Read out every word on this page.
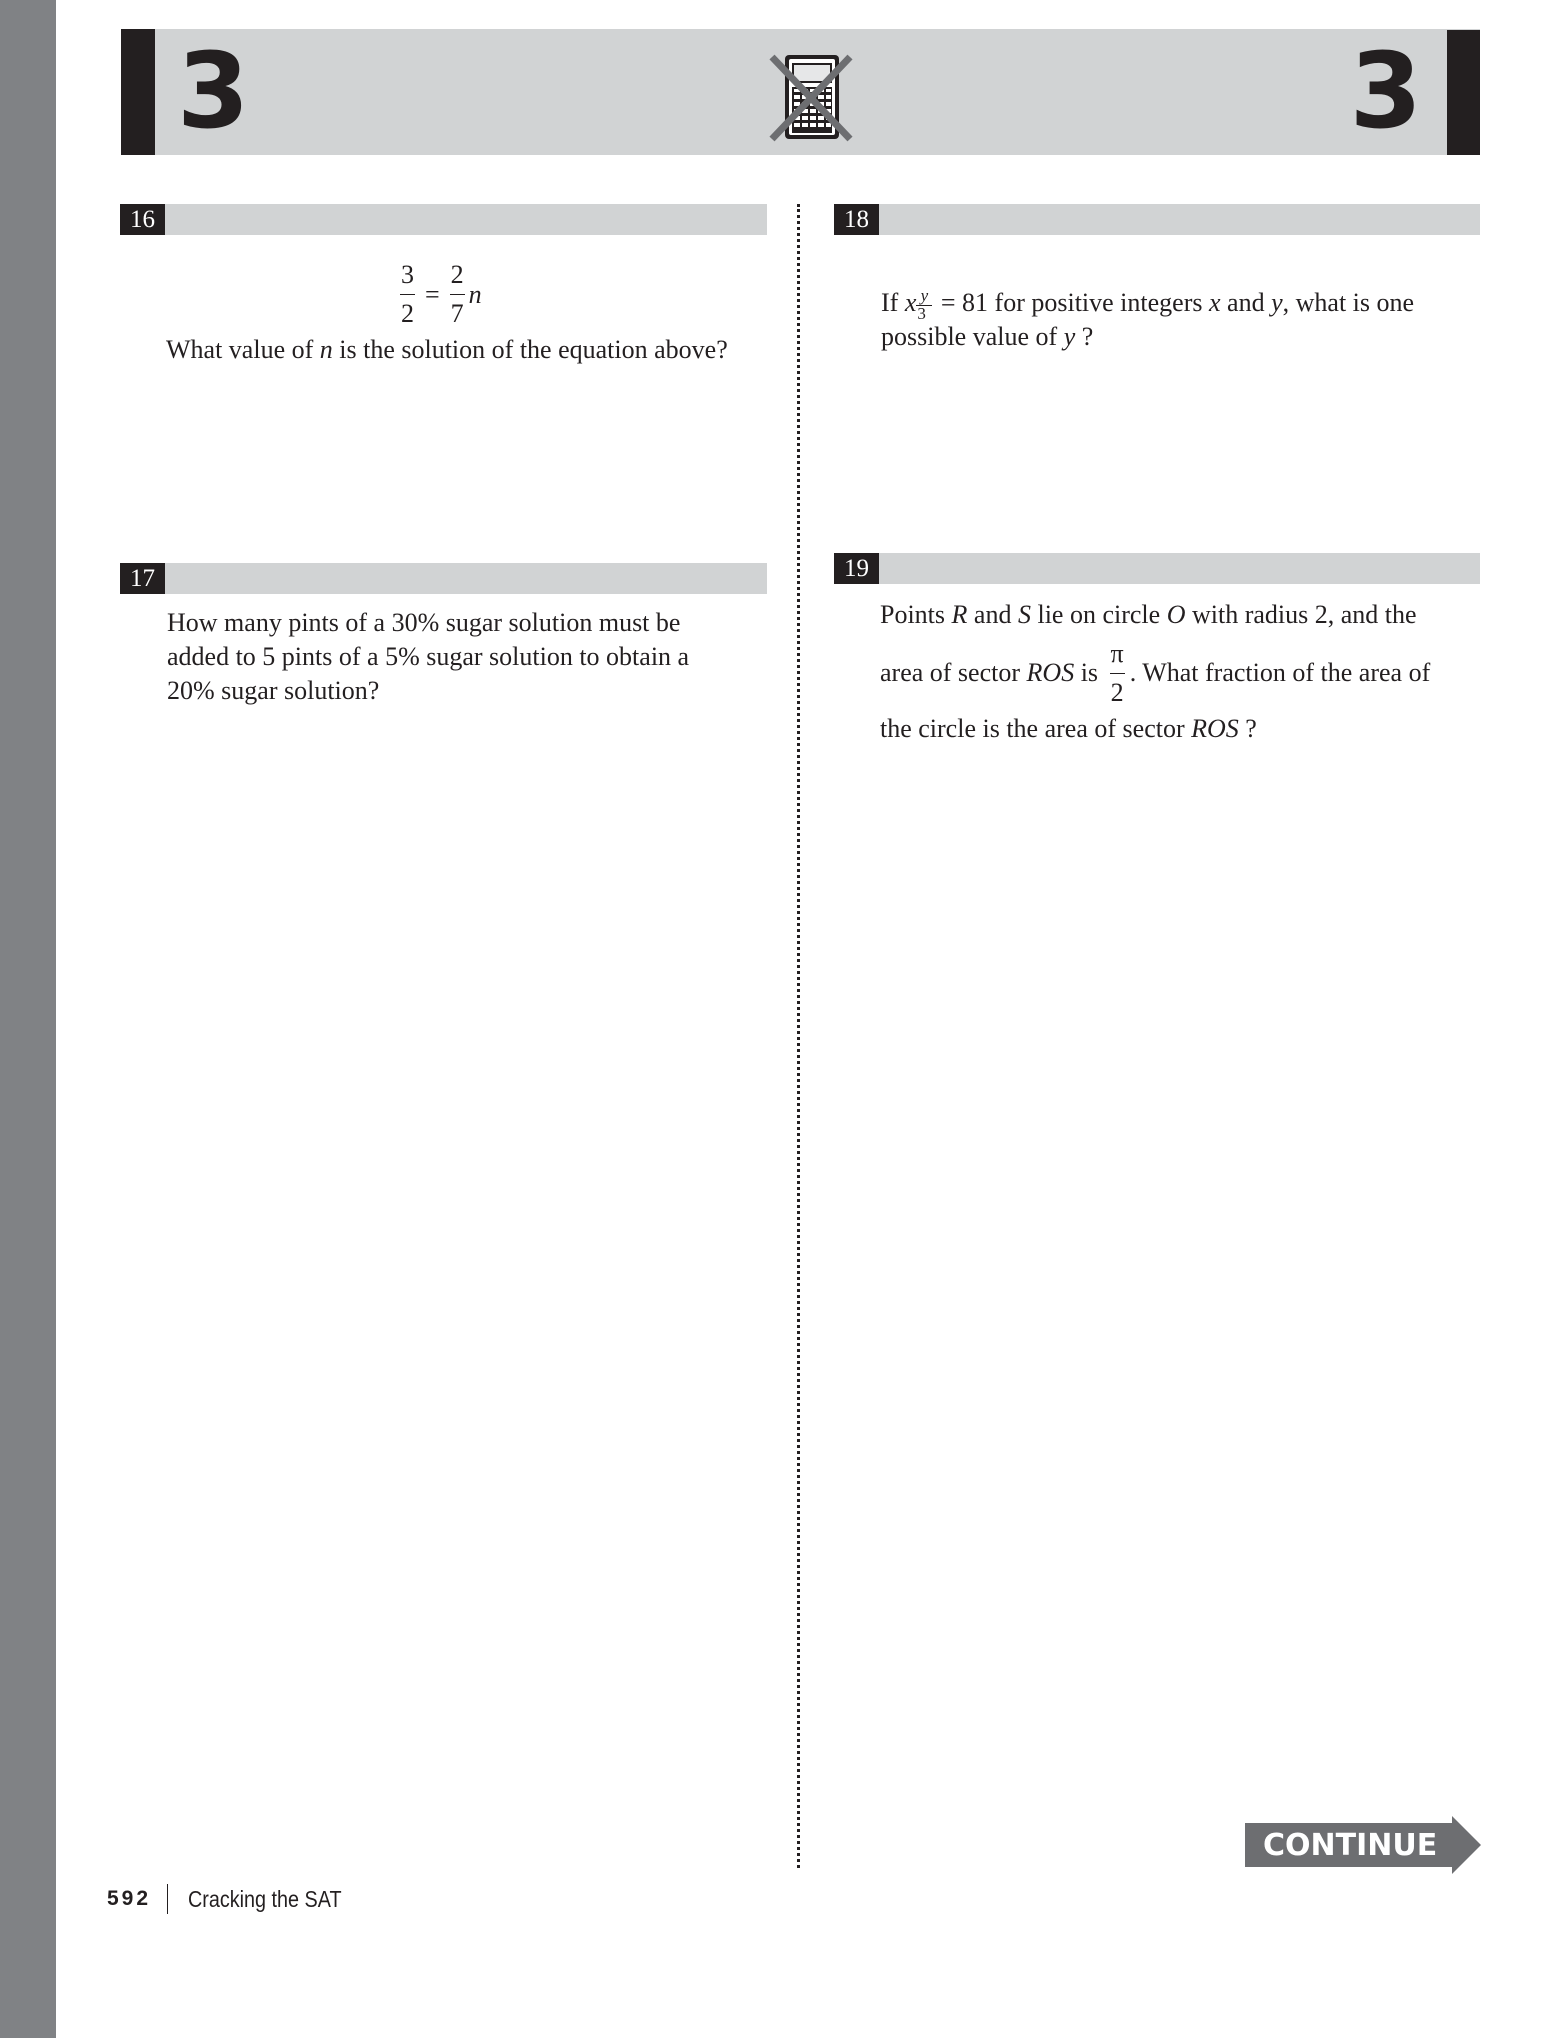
3	3
16
$\frac{3}{2} = \frac{2}{7}$ n
What value of n is the solution of the equation above?
17
How many pints of a 30% sugar solution must be
added to 5 pints of a 5% sugar solution to obtain a
20% sugar solution?
18
If x
$\frac{y}{3}$
= 81 for positive integers x and y, what is one
possible value of y ?
19
Points R and S lie on circle O with radius 2, and the
area of sector
ROS is $\frac{\pi}{2}$ . What fraction of the area of
the circle is the area of sector ROS ?
CONTINUE
592 Cracking the SAT
